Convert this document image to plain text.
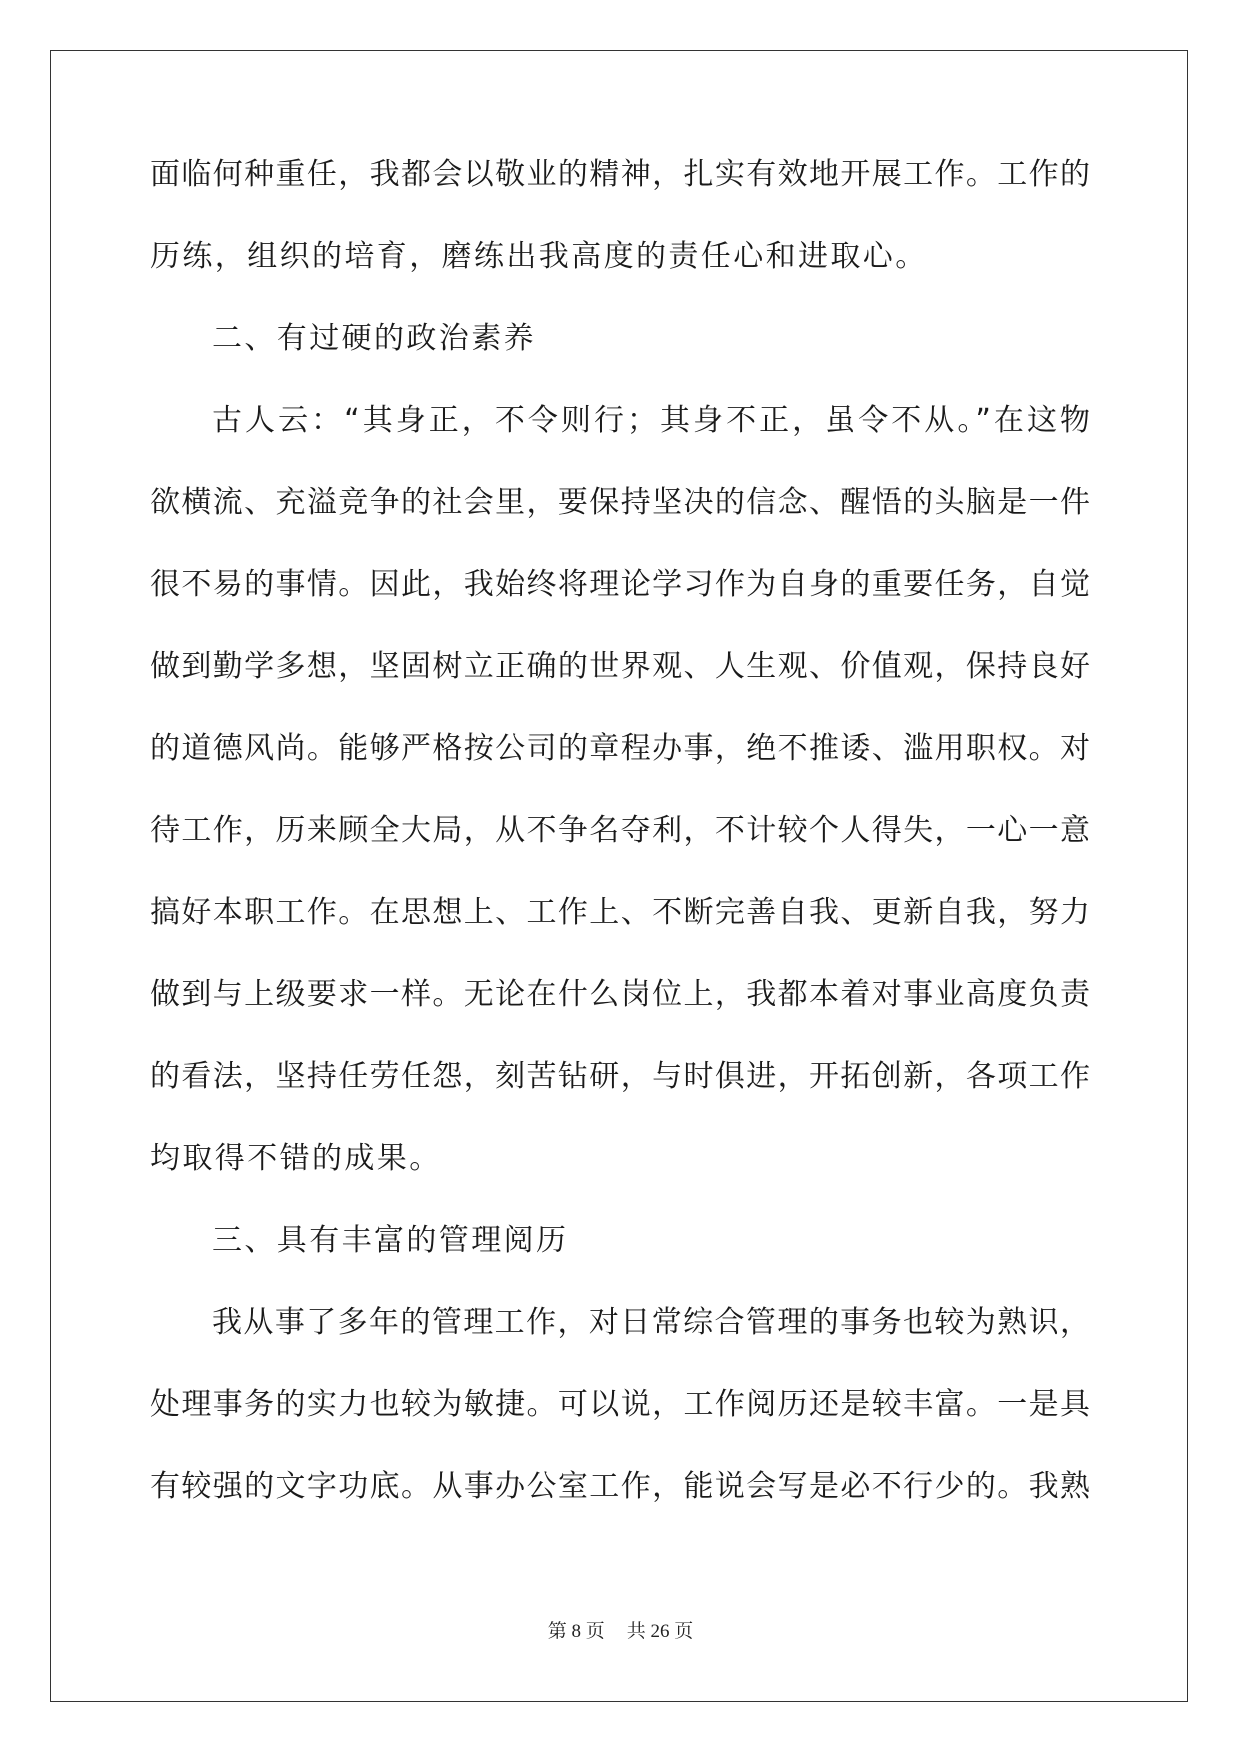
面临何种重任，我都会以敬业的精神，扎实有效地开展工作。工作的
历练，组织的培育，磨练出我高度的责任心和进取心。
二、有过硬的政治素养
古人云：“其身正，不令则行；其身不正，虽令不从。”在这物
欲横流、充溢竞争的社会里，要保持坚决的信念、醒悟的头脑是一件
很不易的事情。因此，我始终将理论学习作为自身的重要任务，自觉
做到勤学多想，坚固树立正确的世界观、人生观、价值观，保持良好
的道德风尚。能够严格按公司的章程办事，绝不推诿、滥用职权。对
待工作，历来顾全大局，从不争名夺利，不计较个人得失，一心一意
搞好本职工作。在思想上、工作上、不断完善自我、更新自我，努力
做到与上级要求一样。无论在什么岗位上，我都本着对事业高度负责
的看法，坚持任劳任怨，刻苦钻研，与时俱进，开拓创新，各项工作
均取得不错的成果。
三、具有丰富的管理阅历
我从事了多年的管理工作，对日常综合管理的事务也较为熟识，
处理事务的实力也较为敏捷。可以说，工作阅历还是较丰富。一是具
有较强的文字功底。从事办公室工作，能说会写是必不行少的。我熟
第 8 页 共 26 页
